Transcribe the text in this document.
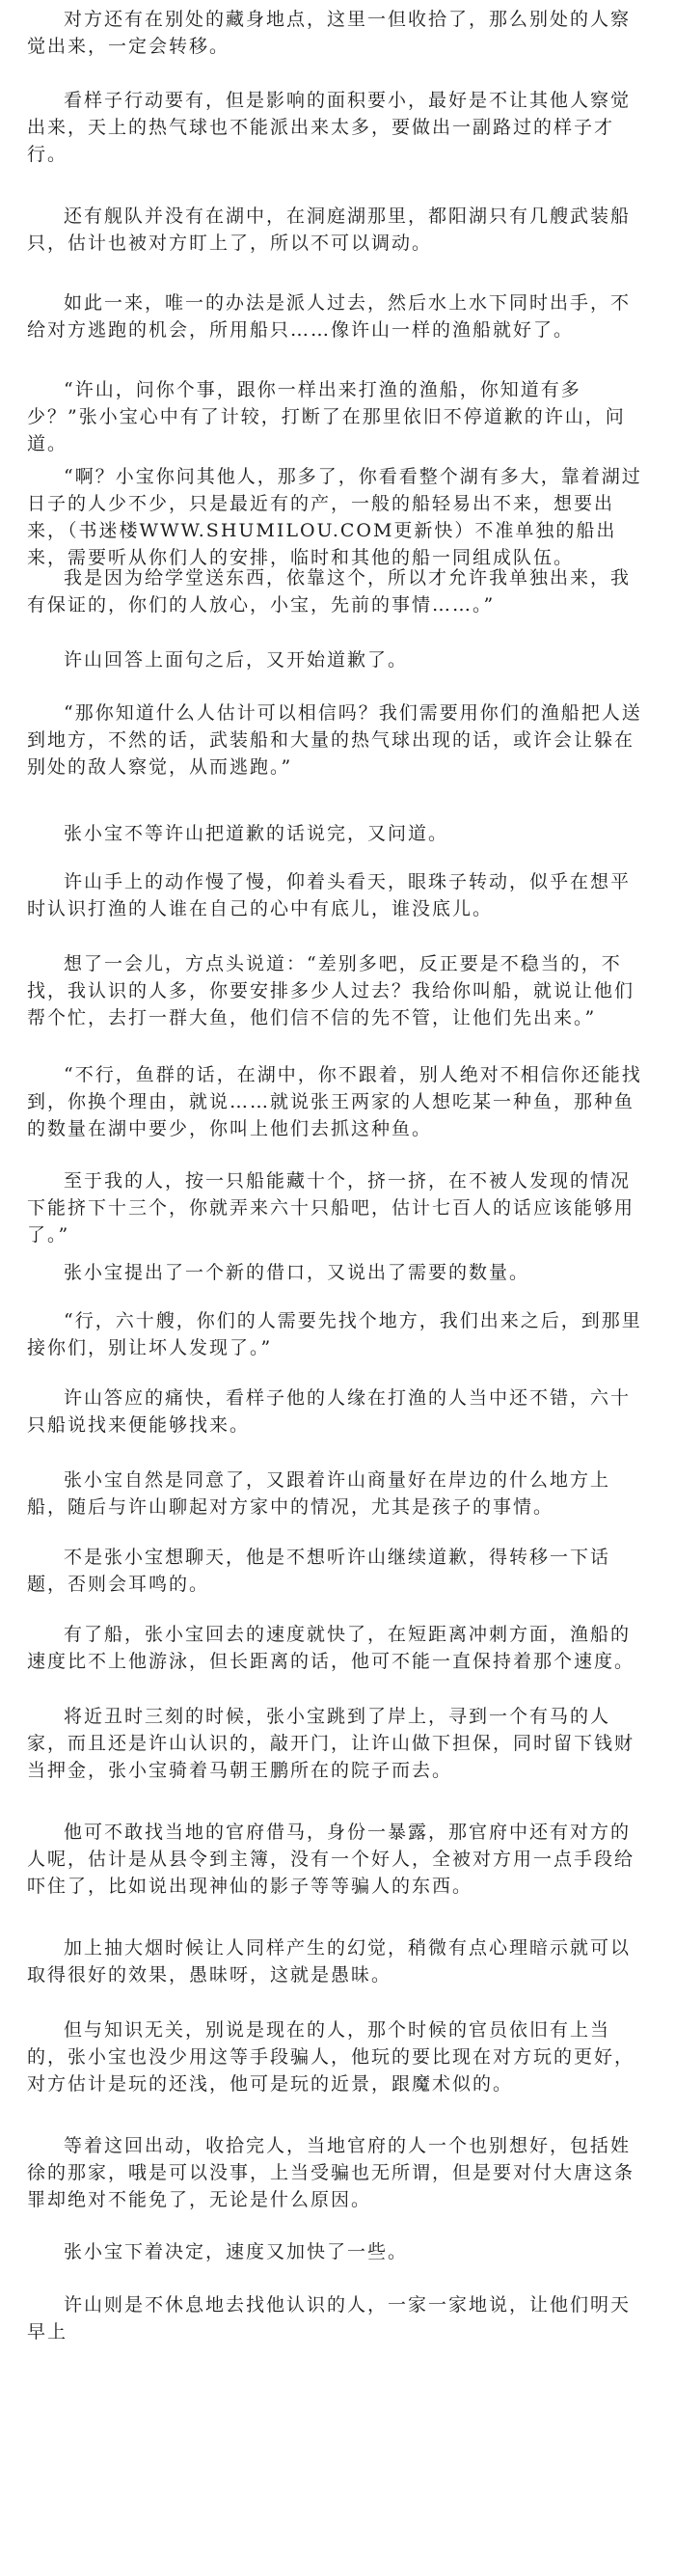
对方还有在别处的藏身地点，这里一但收拾了，那么别处的人察觉出来，一定会转移。

看样子行动要有，但是影响的面积要小，最好是不让其他人察觉出来，天上的热气球也不能派出来太多，要做出一副路过的样子才行。

还有舰队并没有在湖中，在洞庭湖那里，都阳湖只有几艘武装船只，估计也被对方盯上了，所以不可以调动。

如此一来，唯一的办法是派人过去，然后水上水下同时出手，不给对方逃跑的机会，所用船只……像许山一样的渔船就好了。

“许山，问你个事，跟你一样出来打渔的渔船，你知道有多少？”张小宝心中有了计较，打断了在那里依旧不停道歉的许山，问道。

“啊？小宝你问其他人，那多了，你看看整个湖有多大，靠着湖过日子的人少不少，只是最近有的产，一般的船轻易出不来，想要出来，（书迷楼WWW.SHUMILOU.COM更新快）不准单独的船出来，需要听从你们人的安排，临时和其他的船一同组成队伍。

我是因为给学堂送东西，依靠这个，所以才允许我单独出来，我有保证的，你们的人放心，小宝，先前的事情……。”

许山回答上面句之后，又开始道歉了。

“那你知道什么人估计可以相信吗？我们需要用你们的渔船把人送到地方，不然的话，武装船和大量的热气球出现的话，或许会让躲在别处的敌人察觉，从而逃跑。”

张小宝不等许山把道歉的话说完，又问道。

许山手上的动作慢了慢，仰着头看天，眼珠子转动，似乎在想平时认识打渔的人谁在自己的心中有底儿，谁没底儿。

想了一会儿，方点头说道：“差别多吧，反正要是不稳当的，不找，我认识的人多，你要安排多少人过去？我给你叫船，就说让他们帮个忙，去打一群大鱼，他们信不信的先不管，让他们先出来。”

“不行，鱼群的话，在湖中，你不跟着，别人绝对不相信你还能找到，你换个理由，就说……就说张王两家的人想吃某一种鱼，那种鱼的数量在湖中要少，你叫上他们去抓这种鱼。

至于我的人，按一只船能藏十个，挤一挤，在不被人发现的情况下能挤下十三个，你就弄来六十只船吧，估计七百人的话应该能够用了。”

张小宝提出了一个新的借口，又说出了需要的数量。

“行，六十艘，你们的人需要先找个地方，我们出来之后，到那里接你们，别让坏人发现了。”

许山答应的痛快，看样子他的人缘在打渔的人当中还不错，六十只船说找来便能够找来。

张小宝自然是同意了，又跟着许山商量好在岸边的什么地方上船，随后与许山聊起对方家中的情况，尤其是孩子的事情。

不是张小宝想聊天，他是不想听许山继续道歉，得转移一下话题，否则会耳鸣的。

有了船，张小宝回去的速度就快了，在短距离冲刺方面，渔船的速度比不上他游泳，但长距离的话，他可不能一直保持着那个速度。

将近丑时三刻的时候，张小宝跳到了岸上，寻到一个有马的人家，而且还是许山认识的，敲开门，让许山做下担保，同时留下钱财当押金，张小宝骑着马朝王鹏所在的院子而去。

他可不敢找当地的官府借马，身份一暴露，那官府中还有对方的人呢，估计是从县令到主簿，没有一个好人，全被对方用一点手段给吓住了，比如说出现神仙的影子等等骗人的东西。

加上抽大烟时候让人同样产生的幻觉，稍微有点心理暗示就可以取得很好的效果，愚昧呀，这就是愚昧。

但与知识无关，别说是现在的人，那个时候的官员依旧有上当的，张小宝也没少用这等手段骗人，他玩的要比现在对方玩的更好，对方估计是玩的还浅，他可是玩的近景，跟魔术似的。

等着这回出动，收拾完人，当地官府的人一个也别想好，包括姓徐的那家，哦是可以没事，上当受骗也无所谓，但是要对付大唐这条罪却绝对不能免了，无论是什么原因。

张小宝下着决定，速度又加快了一些。

许山则是不休息地去找他认识的人，一家一家地说，让他们明天早上
